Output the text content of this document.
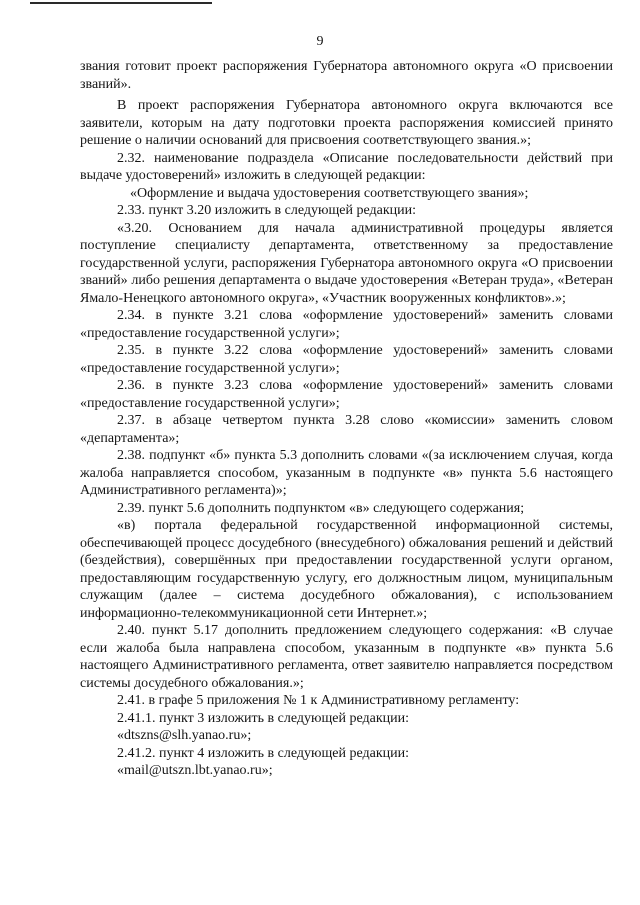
9

звания готовит проект распоряжения Губернатора автономного округа «О присвоении званий».

В проект распоряжения Губернатора автономного округа включаются все заявители, которым на дату подготовки проекта распоряжения комиссией принято решение о наличии оснований для присвоения соответствующего звания.»;

2.32. наименование подраздела «Описание последовательности действий при выдаче удостоверений» изложить в следующей редакции:

«Оформление и выдача удостоверения соответствующего звания»;

2.33. пункт 3.20 изложить в следующей редакции:

«3.20. Основанием для начала административной процедуры является поступление специалисту департамента, ответственному за предоставление государственной услуги, распоряжения Губернатора автономного округа «О присвоении званий» либо решения департамента о выдаче удостоверения «Ветеран труда», «Ветеран Ямало-Ненецкого автономного округа», «Участник вооруженных конфликтов».»;

2.34. в пункте 3.21 слова «оформление удостоверений» заменить словами «предоставление государственной услуги»;

2.35. в пункте 3.22 слова «оформление удостоверений» заменить словами «предоставление государственной услуги»;

2.36. в пункте 3.23 слова «оформление удостоверений» заменить словами «предоставление государственной услуги»;

2.37. в абзаце четвертом пункта 3.28 слово «комиссии» заменить словом «департамента»;

2.38. подпункт «б» пункта 5.3 дополнить словами «(за исключением случая, когда жалоба направляется способом, указанным в подпункте «в» пункта 5.6 настоящего Административного регламента)»;

2.39. пункт 5.6 дополнить подпунктом «в» следующего содержания;

«в) портала федеральной государственной информационной системы, обеспечивающей процесс досудебного (внесудебного) обжалования решений и действий (бездействия), совершённых при предоставлении государственной услуги органом, предоставляющим государственную услугу, его должностным лицом, муниципальным служащим (далее – система досудебного обжалования), с использованием информационно-телекоммуникационной сети Интернет.»;

2.40. пункт 5.17 дополнить предложением следующего содержания: «В случае если жалоба была направлена способом, указанным в подпункте «в» пункта 5.6 настоящего Административного регламента, ответ заявителю направляется посредством системы досудебного обжалования.»;

2.41. в графе 5 приложения № 1 к Административному регламенту:

2.41.1. пункт 3 изложить в следующей редакции:

«dtszns@slh.yanao.ru»;

2.41.2. пункт 4 изложить в следующей редакции:

«mail@utszn.lbt.yanao.ru»;
